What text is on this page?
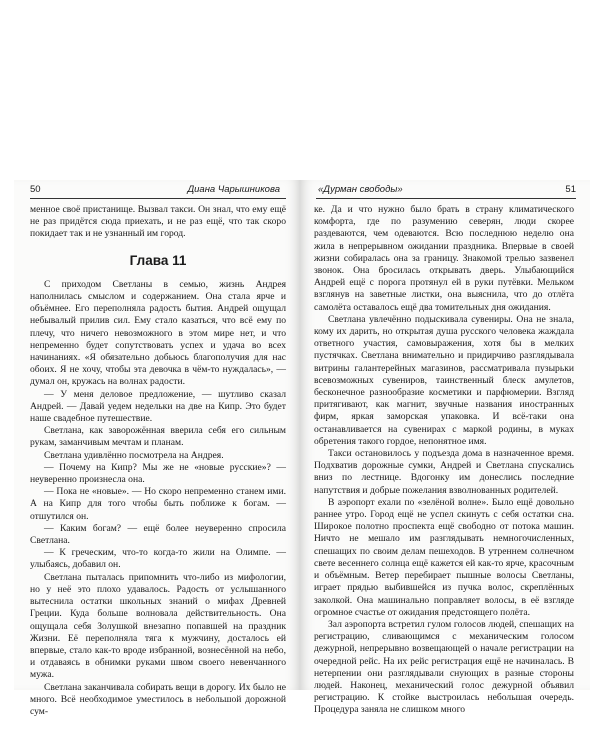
50	Диана Чарышникова

менное своё пристанище. Вызвал такси. Он знал, что ему ещё не раз придётся сюда приехать, и не раз ещё, что так скоро покидает так и не узнанный им город.

Глава 11

С приходом Светланы в семью, жизнь Андрея наполнилась смыслом и содержанием. Она стала ярче и объёмнее. Его переполняла радость бытия. Андрей ощущал небывалый прилив сил. Ему стало казаться, что всё ему по плечу, что ничего невозможного в этом мире нет, и что непременно будет сопутствовать успех и удача во всех начинаниях. «Я обязательно добьюсь благополучия для нас обоих. Я не хочу, чтобы эта девочка в чём-то нуждалась», — думал он, кружась на волнах радости.

— У меня деловое предложение, — шутливо сказал Андрей. — Давай уедем недельки на две на Кипр. Это будет наше свадебное путешествие.

Светлана, как заворожённая вверила себя его сильным рукам, заманчивым мечтам и планам.

Светлана удивлённо посмотрела на Андрея.

— Почему на Кипр? Мы же не «новые русские»? — неуверенно произнесла она.

— Пока не «новые». — Но скоро непременно станем ими. А на Кипр для того чтобы быть поближе к богам. — отшутился он.

— Каким богам? — ещё более неуверенно спросила Светлана.

— К греческим, что-то когда-то жили на Олимпе. — улыбаясь, добавил он.

Светлана пыталась припомнить что-либо из мифологии, но у неё это плохо удавалось. Радость от услышанного вытеснила остатки школьных знаний о мифах Древней Греции. Куда больше волновала действительность. Она ощущала себя Золушкой внезапно попавшей на праздник Жизни. Её переполняла тяга к мужчину, досталось ей впервые, стало как-то вроде избранной, вознесённой на небо, и отдаваясь в обнимки руками швом своего невенчанного мужа.

Светлана заканчивала собирать вещи в дорогу. Их было не много. Всё необходимое уместилось в небольшой дорожной сум-

«Дурман свободы»	51

ке. Да и что нужно было брать в страну климатического комфорта, где по разумению северян, люди скорее раздеваются, чем одеваются. Всю последнюю неделю она жила в непрерывном ожидании праздника. Впервые в своей жизни собиралась она за границу. Знакомой трелью зазвенел звонок. Она бросилась открывать дверь. Улыбающийся Андрей ещё с порога протянул ей в руки путёвки. Мельком взглянув на заветные листки, она выяснила, что до отлёта самолёта оставалось ещё два томительных дня ожидания.

Светлана увлечённо подыскивала сувениры. Она не знала, кому их дарить, но открытая душа русского человека жаждала ответного участия, самовыражения, хотя бы в мелких пустячках. Светлана внимательно и придирчиво разглядывала витрины галантерейных магазинов, рассматривала пузырьки всевозможных сувениров, таинственный блеск амулетов, бесконечное разнообразие косметики и парфюмерии. Взгляд притягивают, как магнит, звучные названия иностранных фирм, яркая заморская упаковка. И всё-таки она останавливается на сувенирах с маркой родины, в муках обретения такого гордое, непонятное имя.

Такси остановилось у подъезда дома в назначенное время. Подхватив дорожные сумки, Андрей и Светлана спускались вниз по лестнице. Вдогонку им донеслись последние напутствия и добрые пожелания взволнованных родителей.

В аэропорт ехали по «зелёной волне». Было ещё довольно раннее утро. Город ещё не успел скинуть с себя остатки сна. Широкое полотно проспекта ещё свободно от потока машин. Ничто не мешало им разглядывать немногочисленных, спешащих по своим делам пешеходов. В утреннем солнечном свете весеннего солнца ещё кажется ей как-то ярче, красочным и объёмным. Ветер перебирает пышные волосы Светланы, играет прядью выбившейся из пучка волос, скреплённых заколкой. Она машинально поправляет волосы, в её взгляде огромное счастье от ожидания предстоящего полёта.

Зал аэропорта встретил гулом голосов людей, спешащих на регистрацию, сливающимся с механическим голосом дежурной, непрерывно возвещающей о начале регистрации на очередной рейс. На их рейс регистрация ещё не начиналась. В нетерпении они разглядывали снующих в разные стороны людей. Наконец, механический голос дежурной объявил регистрацию. К стойке выстроилась небольшая очередь. Процедура заняла не слишком много
